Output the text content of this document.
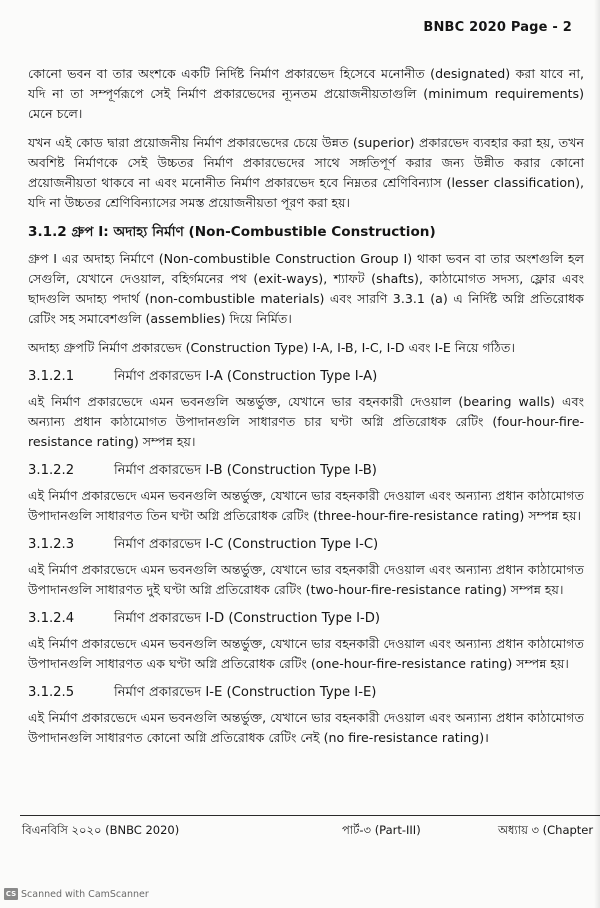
BNBC 2020 Page - 2

কোনো ভবন বা তার অংশকে একটি নির্দিষ্ট নির্মাণ প্রকারভেদ হিসেবে মনোনীত (designated) করা যাবে না, যদি না তা সম্পূর্ণরূপে সেই নির্মাণ প্রকারভেদের ন্যূনতম প্রয়োজনীয়তাগুলি (minimum requirements) মেনে চলে।

যখন এই কোড দ্বারা প্রয়োজনীয় নির্মাণ প্রকারভেদের চেয়ে উন্নত (superior) প্রকারভেদ ব্যবহার করা হয়, তখন অবশিষ্ট নির্মাণকে সেই উচ্চতর নির্মাণ প্রকারভেদের সাথে সঙ্গতিপূর্ণ করার জন্য উন্নীত করার কোনো প্রয়োজনীয়তা থাকবে না এবং মনোনীত নির্মাণ প্রকারভেদ হবে নিম্নতর শ্রেণিবিন্যাস (lesser classification), যদি না উচ্চতর শ্রেণিবিন্যাসের সমস্ত প্রয়োজনীয়তা পূরণ করা হয়।

3.1.2 গ্রুপ I: অদাহ্য নির্মাণ (Non-Combustible Construction)

গ্রুপ I এর অদাহ্য নির্মাণে (Non-combustible Construction Group I) থাকা ভবন বা তার অংশগুলি হল সেগুলি, যেখানে দেওয়াল, বহির্গমনের পথ (exit-ways), শ্যাফট (shafts), কাঠামোগত সদস্য, ফ্লোর এবং ছাদগুলি অদাহ্য পদার্থ (non-combustible materials) এবং সারণি 3.3.1 (a) এ নির্দিষ্ট অগ্নি প্রতিরোধক রেটিং সহ সমাবেশগুলি (assemblies) দিয়ে নির্মিত।

অদাহ্য গ্রুপটি নির্মাণ প্রকারভেদ (Construction Type) I-A, I-B, I-C, I-D এবং I-E নিয়ে গঠিত।

3.1.2.1	নির্মাণ প্রকারভেদ I-A (Construction Type I-A)

এই নির্মাণ প্রকারভেদে এমন ভবনগুলি অন্তর্ভুক্ত, যেখানে ভার বহনকারী দেওয়াল (bearing walls) এবং অন্যান্য প্রধান কাঠামোগত উপাদানগুলি সাধারণত চার ঘণ্টা অগ্নি প্রতিরোধক রেটিং (four-hour-fire-resistance rating) সম্পন্ন হয়।

3.1.2.2	নির্মাণ প্রকারভেদ I-B (Construction Type I-B)

এই নির্মাণ প্রকারভেদে এমন ভবনগুলি অন্তর্ভুক্ত, যেখানে ভার বহনকারী দেওয়াল এবং অন্যান্য প্রধান কাঠামোগত উপাদানগুলি সাধারণত তিন ঘণ্টা অগ্নি প্রতিরোধক রেটিং (three-hour-fire-resistance rating) সম্পন্ন হয়।

3.1.2.3	নির্মাণ প্রকারভেদ I-C (Construction Type I-C)

এই নির্মাণ প্রকারভেদে এমন ভবনগুলি অন্তর্ভুক্ত, যেখানে ভার বহনকারী দেওয়াল এবং অন্যান্য প্রধান কাঠামোগত উপাদানগুলি সাধারণত দুই ঘণ্টা অগ্নি প্রতিরোধক রেটিং (two-hour-fire-resistance rating) সম্পন্ন হয়।

3.1.2.4	নির্মাণ প্রকারভেদ I-D (Construction Type I-D)

এই নির্মাণ প্রকারভেদে এমন ভবনগুলি অন্তর্ভুক্ত, যেখানে ভার বহনকারী দেওয়াল এবং অন্যান্য প্রধান কাঠামোগত উপাদানগুলি সাধারণত এক ঘণ্টা অগ্নি প্রতিরোধক রেটিং (one-hour-fire-resistance rating) সম্পন্ন হয়।

3.1.2.5	নির্মাণ প্রকারভেদ I-E (Construction Type I-E)

এই নির্মাণ প্রকারভেদে এমন ভবনগুলি অন্তর্ভুক্ত, যেখানে ভার বহনকারী দেওয়াল এবং অন্যান্য প্রধান কাঠামোগত উপাদানগুলি সাধারণত কোনো অগ্নি প্রতিরোধক রেটিং নেই (no fire-resistance rating)।

বিএনবিসি ২০২০ (BNBC 2020)	পার্ট-৩ (Part-III)	অধ্যায় ৩ (Chapter
CS Scanned with CamScanner
